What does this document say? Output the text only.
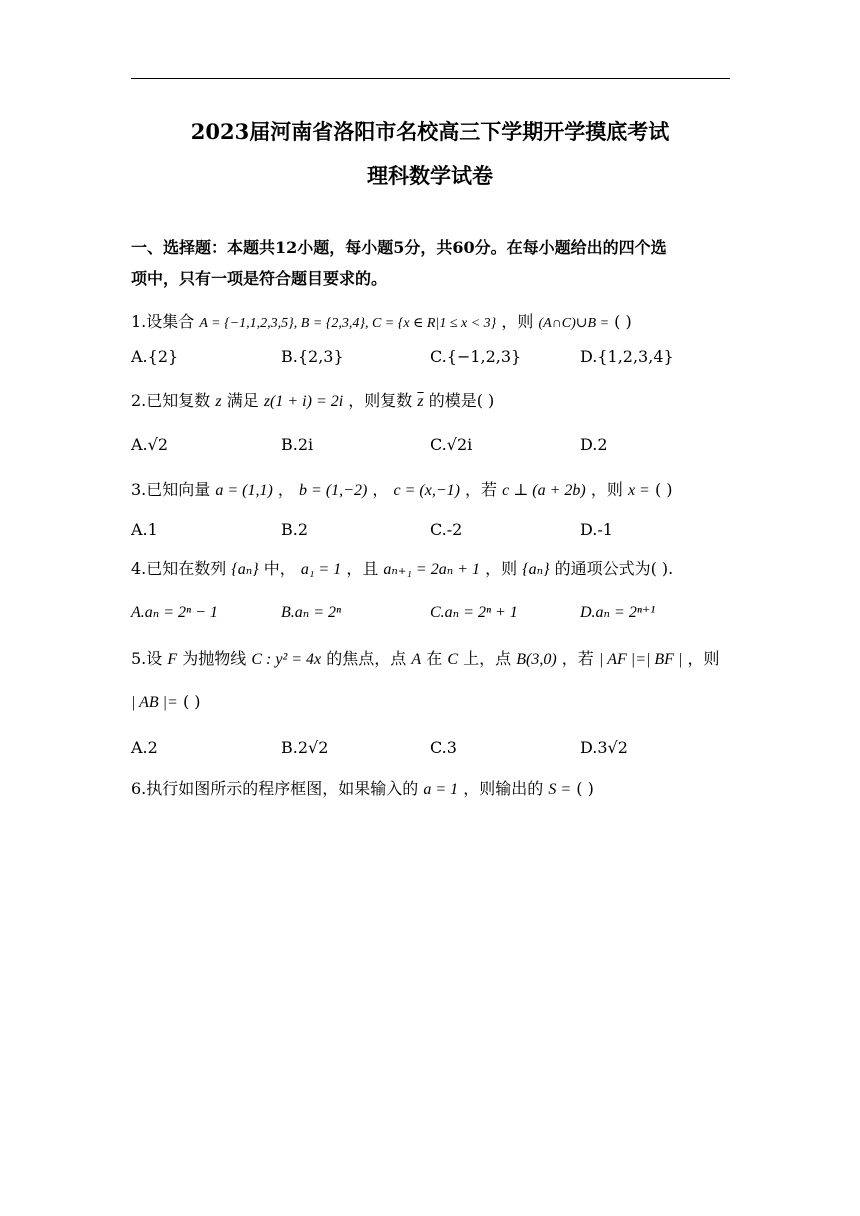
2023届河南省洛阳市名校高三下学期开学摸底考试
理科数学试卷
一、选择题：本题共12小题，每小题5分，共60分。在每小题给出的四个选
项中，只有一项是符合题目要求的。
1.设集合 A = {−1,1,2,3,5}, B = {2,3,4}, C = {x ∈ R|1 ≤ x < 3} ，则 (A∩C)∪B = ( )
A.{2}	B.{2,3}	C.{−1,2,3}	D.{1,2,3,4}
2.已知复数 z 满足 z(1 + i) = 2i ，则复数 $\overline{z}$ 的模是( )
A.√2	B.2i	C.√2i	D.2
3.已知向量 a = (1,1) ， b = (1,−2) ， c = (x,−1) ，若 c ⊥ (a + 2b) ，则 x = ( )
A.1	B.2	C.-2	D.-1
4.已知在数列 {aₙ} 中， a₁ = 1 ，且 aₙ₊₁ = 2aₙ + 1 ，则 {aₙ} 的通项公式为( ).
A.aₙ = 2ⁿ − 1	B.aₙ = 2ⁿ	C.aₙ = 2ⁿ + 1	D.aₙ = 2ⁿ⁺¹
5.设 F 为抛物线 C : y² = 4x 的焦点，点 A 在 C 上，点 B(3,0) ，若 | AF |=| BF | ，则
| AB |= ( )
A.2	B.2√2	C.3	D.3√2
6.执行如图所示的程序框图，如果输入的 a = 1 ，则输出的 S = ( )
